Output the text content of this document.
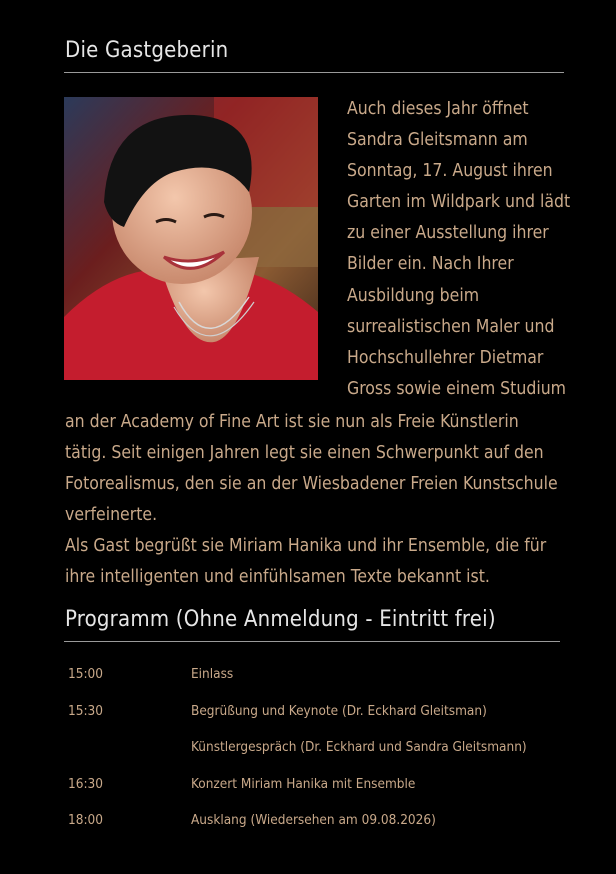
Die Gastgeberin

Auch dieses Jahr öffnet
Sandra Gleitsmann am
Sonntag, 17. August ihren
Garten im Wildpark und lädt
zu einer Ausstellung ihrer
Bilder ein. Nach Ihrer
Ausbildung beim
surrealistischen Maler und
Hochschullehrer Dietmar
Gross sowie einem Studium

an der Academy of Fine Art ist sie nun als Freie Künstlerin
tätig. Seit einigen Jahren legt sie einen Schwerpunkt auf den
Fotorealismus, den sie an der Wiesbadener Freien Kunstschule
verfeinerte.
Als Gast begrüßt sie Miriam Hanika und ihr Ensemble, die für
ihre intelligenten und einfühlsamen Texte bekannt ist.

Programm (Ohne Anmeldung - Eintritt frei)
15:00	Einlass
15:30	Begrüßung und Keynote (Dr. Eckhard Gleitsman)
	Künstlergespräch (Dr. Eckhard und Sandra Gleitsmann)
16:30	Konzert Miriam Hanika mit Ensemble
18:00	Ausklang (Wiedersehen am 09.08.2026)
